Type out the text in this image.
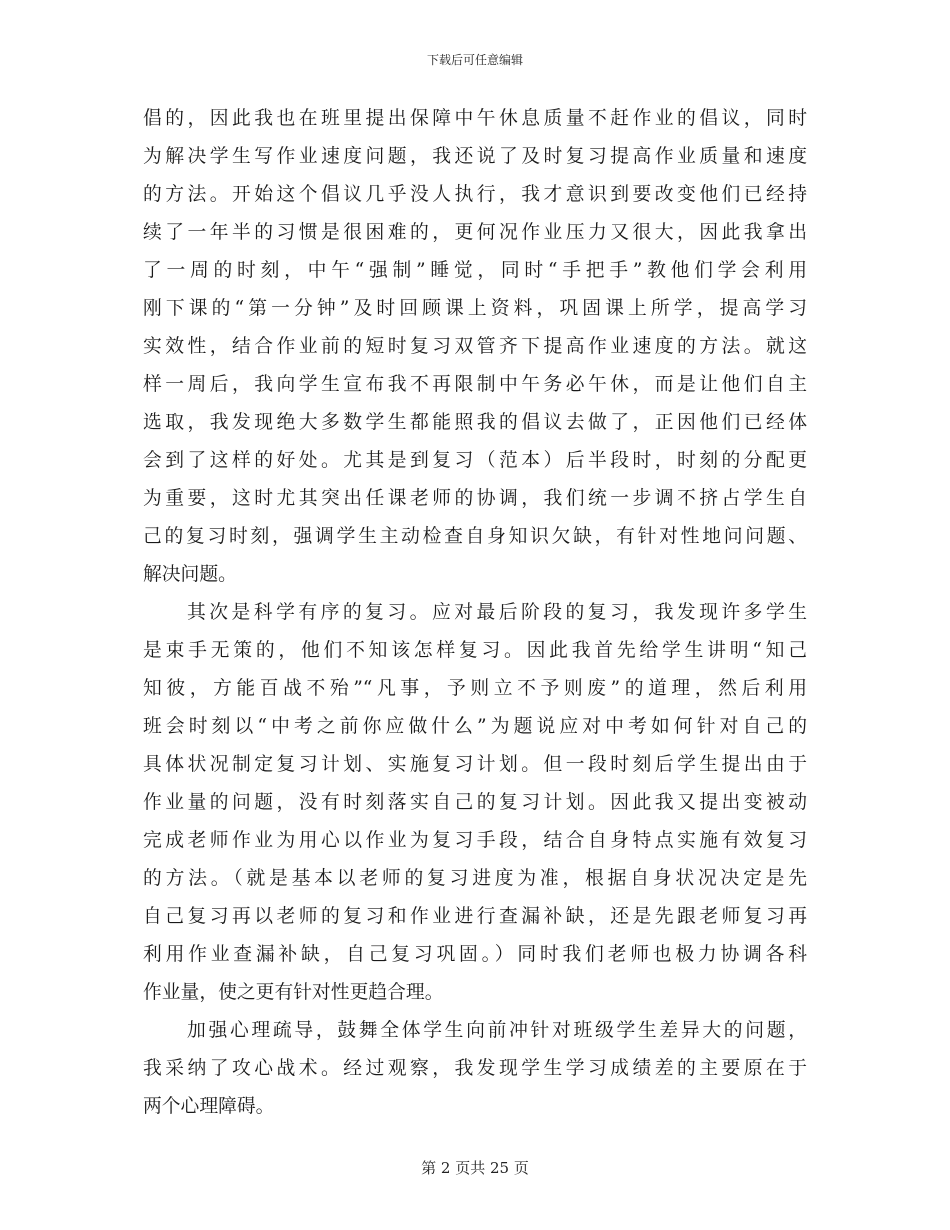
下载后可任意编辑
倡的，因此我也在班里提出保障中午休息质量不赶作业的倡议，同时
为解决学生写作业速度问题，我还说了及时复习提高作业质量和速度
的方法。开始这个倡议几乎没人执行，我才意识到要改变他们已经持
续了一年半的习惯是很困难的，更何况作业压力又很大，因此我拿出
了一周的时刻，中午“强制”睡觉，同时“手把手”教他们学会利用
刚下课的“第一分钟”及时回顾课上资料，巩固课上所学，提高学习
实效性，结合作业前的短时复习双管齐下提高作业速度的方法。就这
样一周后，我向学生宣布我不再限制中午务必午休，而是让他们自主
选取，我发现绝大多数学生都能照我的倡议去做了，正因他们已经体
会到了这样的好处。尤其是到复习（范本）后半段时，时刻的分配更
为重要，这时尤其突出任课老师的协调，我们统一步调不挤占学生自
己的复习时刻，强调学生主动检查自身知识欠缺，有针对性地问问题、
解决问题。
其次是科学有序的复习。应对最后阶段的复习，我发现许多学生
是束手无策的，他们不知该怎样复习。因此我首先给学生讲明“知己
知彼，方能百战不殆”“凡事，予则立不予则废”的道理，然后利用
班会时刻以“中考之前你应做什么”为题说应对中考如何针对自己的
具体状况制定复习计划、实施复习计划。但一段时刻后学生提出由于
作业量的问题，没有时刻落实自己的复习计划。因此我又提出变被动
完成老师作业为用心以作业为复习手段，结合自身特点实施有效复习
的方法。（就是基本以老师的复习进度为准，根据自身状况决定是先
自己复习再以老师的复习和作业进行查漏补缺，还是先跟老师复习再
利用作业查漏补缺，自己复习巩固。）同时我们老师也极力协调各科
作业量，使之更有针对性更趋合理。
加强心理疏导，鼓舞全体学生向前冲针对班级学生差异大的问题，
我采纳了攻心战术。经过观察，我发现学生学习成绩差的主要原在于
两个心理障碍。
第 2 页共 25 页
